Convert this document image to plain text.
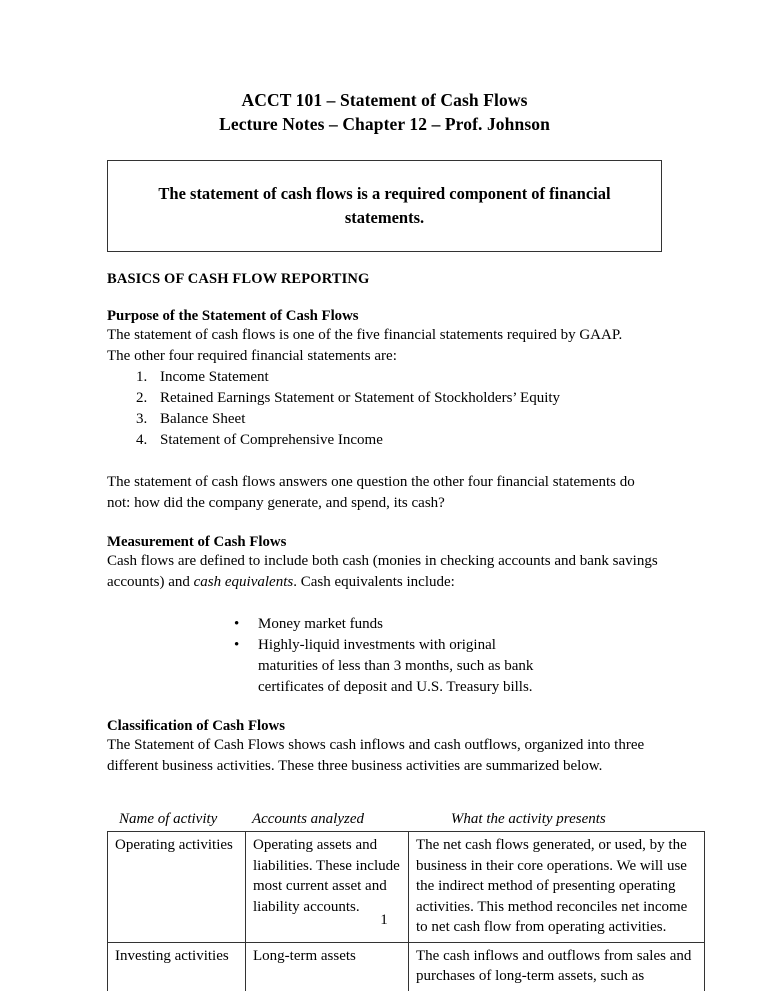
ACCT 101 – Statement of Cash Flows
Lecture Notes – Chapter 12 – Prof. Johnson
The statement of cash flows is a required component of financial statements.
BASICS OF CASH FLOW REPORTING
Purpose of the Statement of Cash Flows

The statement of cash flows is one of the five financial statements required by GAAP.

The other four required financial statements are:

1. Income Statement
2. Retained Earnings Statement or Statement of Stockholders’ Equity
3. Balance Sheet
4. Statement of Comprehensive Income

The statement of cash flows answers one question the other four financial statements do

not: how did the company generate, and spend, its cash?

Measurement of Cash Flows

Cash flows are defined to include both cash (monies in checking accounts and bank savings accounts) and cash equivalents. Cash equivalents include:

•	Money market funds
•	Highly-liquid investments with original maturities of less than 3 months, such as bank certificates of deposit and U.S. Treasury bills.
Classification of Cash Flows

The Statement of Cash Flows shows cash inflows and cash outflows, organized into three

different business activities. These three business activities are summarized below.

Name of activity	Accounts analyzed	What the activity presents
Operating activities	Operating assets and liabilities. These include most current asset and liability accounts.	The net cash flows generated, or used, by the business in their core operations. We will use the indirect method of presenting operating activities. This method reconciles net income to net cash flow from operating activities.
Investing activities	Long-term assets	The cash inflows and outflows from sales and purchases of long-term assets, such as
1
